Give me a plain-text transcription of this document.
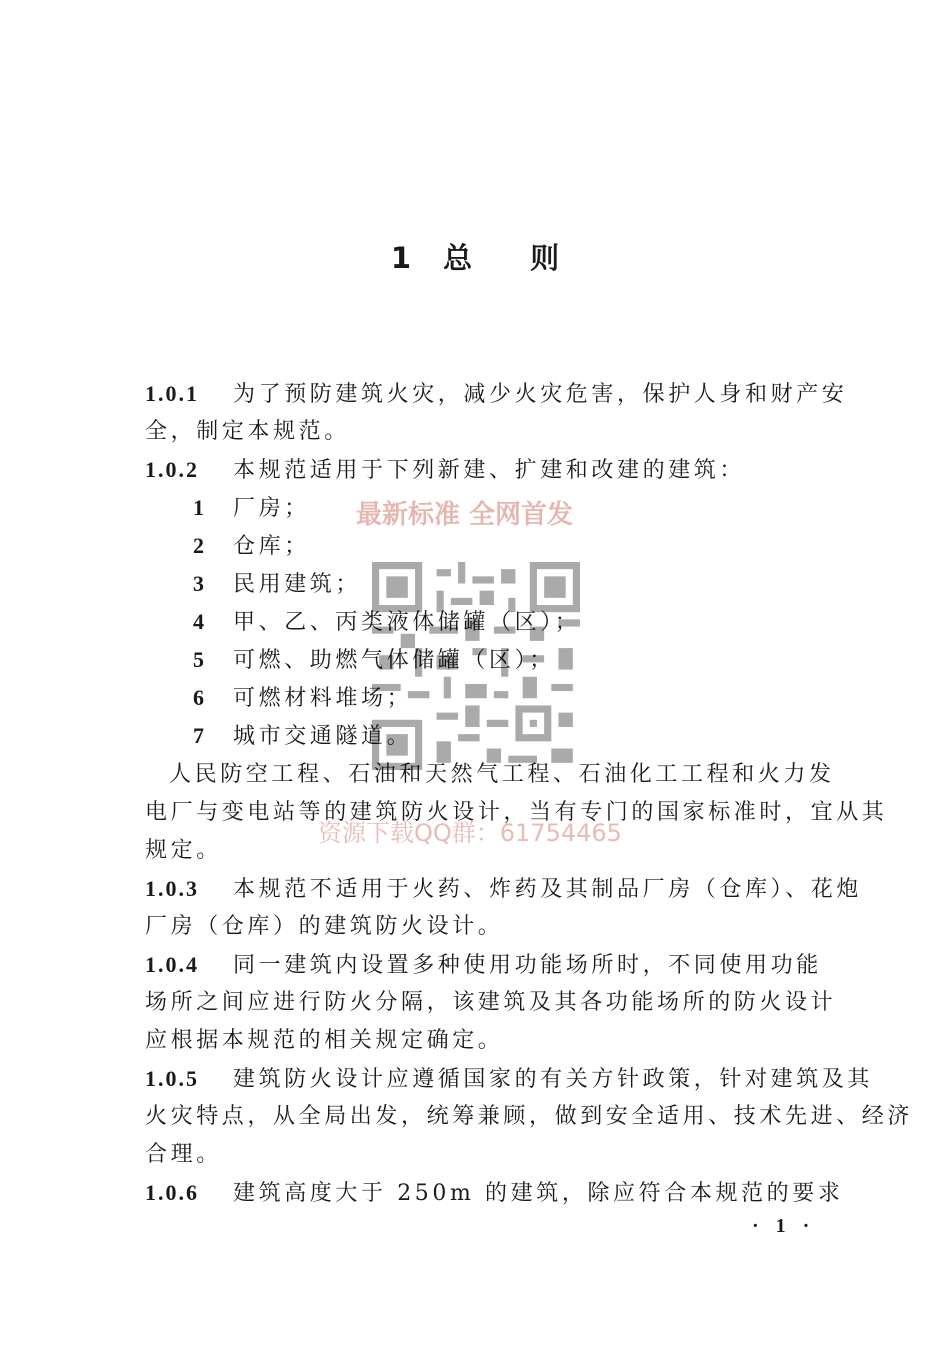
1 总 则
1.0.1 为了预防建筑火灾，减少火灾危害，保护人身和财产安
全，制定本规范。
1.0.2 本规范适用于下列新建、扩建和改建的建筑：
1 厂房；
2 仓库；
3 民用建筑；
4 甲、乙、丙类液体储罐（区）；
5 可燃、助燃气体储罐（区）；
6 可燃材料堆场；
7 城市交通隧道。
人民防空工程、石油和天然气工程、石油化工工程和火力发
电厂与变电站等的建筑防火设计，当有专门的国家标准时，宜从其
规定。
1.0.3 本规范不适用于火药、炸药及其制品厂房（仓库）、花炮
厂房（仓库）的建筑防火设计。
1.0.4 同一建筑内设置多种使用功能场所时，不同使用功能
场所之间应进行防火分隔，该建筑及其各功能场所的防火设计
应根据本规范的相关规定确定。
1.0.5 建筑防火设计应遵循国家的有关方针政策，针对建筑及其
火灾特点，从全局出发，统筹兼顾，做到安全适用、技术先进、经济
合理。
1.0.6 建筑高度大于 250m 的建筑，除应符合本规范的要求
· 1 ·
最新标准 全网首发
资源下载QQ群：61754465
